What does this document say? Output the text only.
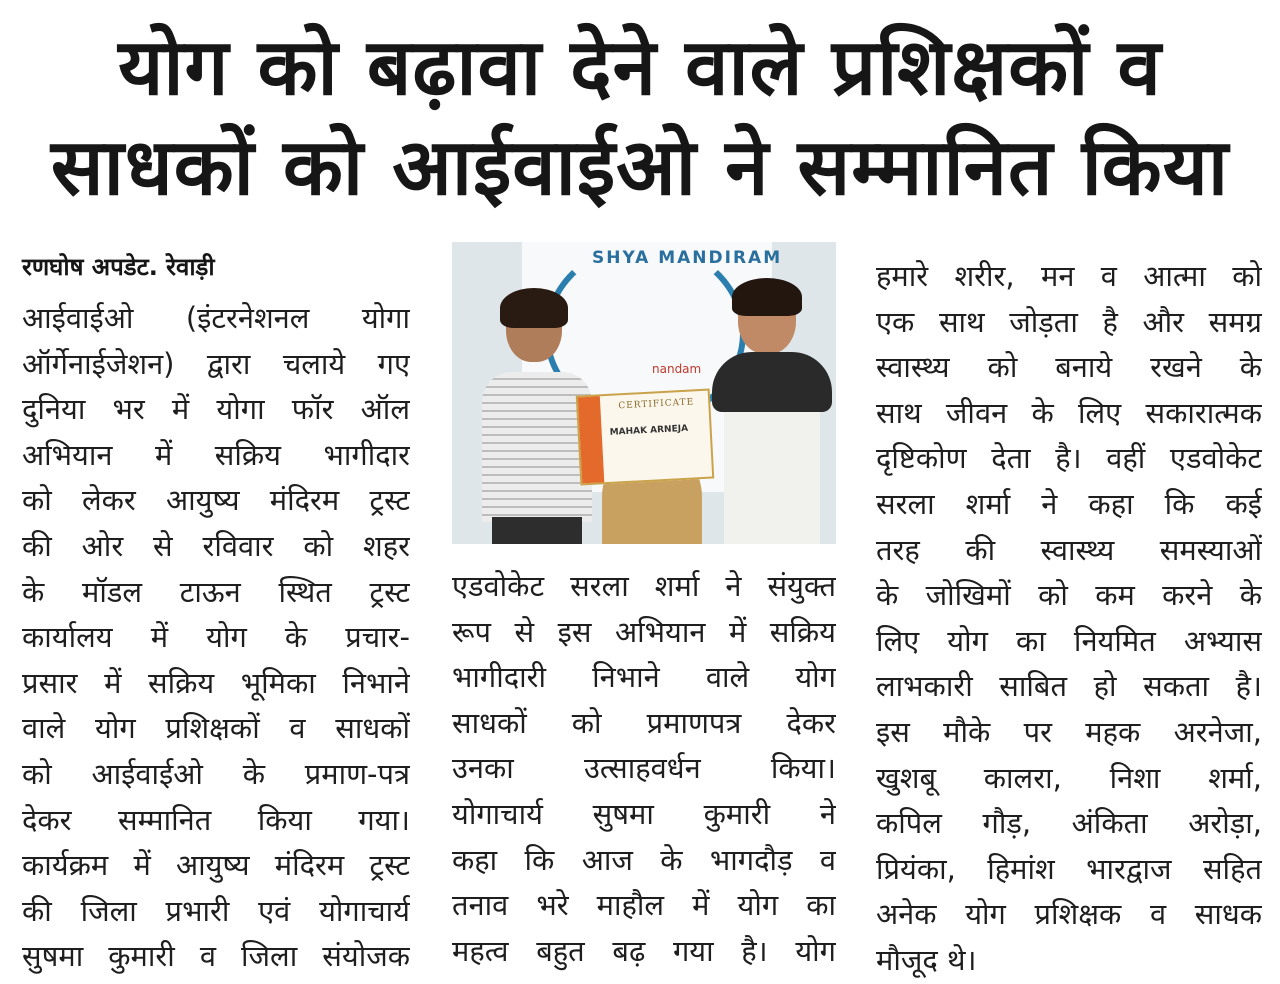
योग को बढ़ावा देने वाले प्रशिक्षकों व
साधकों को आईवाईओ ने सम्मानित किया
रणघोष अपडेट. रेवाड़ी
आईवाईओ (इंटरनेशनल योगा
ऑर्गेनाईजेशन) द्वारा चलाये गए
दुनिया भर में योगा फॉर ऑल
अभियान में सक्रिय भागीदार
को लेकर आयुष्य मंदिरम ट्रस्ट
की ओर से रविवार को शहर
के मॉडल टाऊन स्थित ट्रस्ट
कार्यालय में योग के प्रचार-
प्रसार में सक्रिय भूमिका निभाने
वाले योग प्रशिक्षकों व साधकों
को आईवाईओ के प्रमाण-पत्र
देकर सम्मानित किया गया।
कार्यक्रम में आयुष्य मंदिरम ट्रस्ट
की जिला प्रभारी एवं योगाचार्य
सुषमा कुमारी व जिला संयोजक
SHYA MANDIRAM
nandam
CERTIFICATE
MAHAK ARNEJA
एडवोकेट सरला शर्मा ने संयुक्त
रूप से इस अभियान में सक्रिय
भागीदारी निभाने वाले योग
साधकों को प्रमाणपत्र देकर
उनका उत्साहवर्धन किया।
योगाचार्य सुषमा कुमारी ने
कहा कि आज के भागदौड़ व
तनाव भरे माहौल में योग का
महत्व बहुत बढ़ गया है। योग
हमारे शरीर, मन व आत्मा को
एक साथ जोड़ता है और समग्र
स्वास्थ्य को बनाये रखने के
साथ जीवन के लिए सकारात्मक
दृष्टिकोण देता है। वहीं एडवोकेट
सरला शर्मा ने कहा कि कई
तरह की स्वास्थ्य समस्याओं
के जोखिमों को कम करने के
लिए योग का नियमित अभ्यास
लाभकारी साबित हो सकता है।
इस मौके पर महक अरनेजा,
खुशबू कालरा, निशा शर्मा,
कपिल गौड़, अंकिता अरोड़ा,
प्रियंका, हिमांश भारद्वाज सहित
अनेक योग प्रशिक्षक व साधक
मौजूद थे।
